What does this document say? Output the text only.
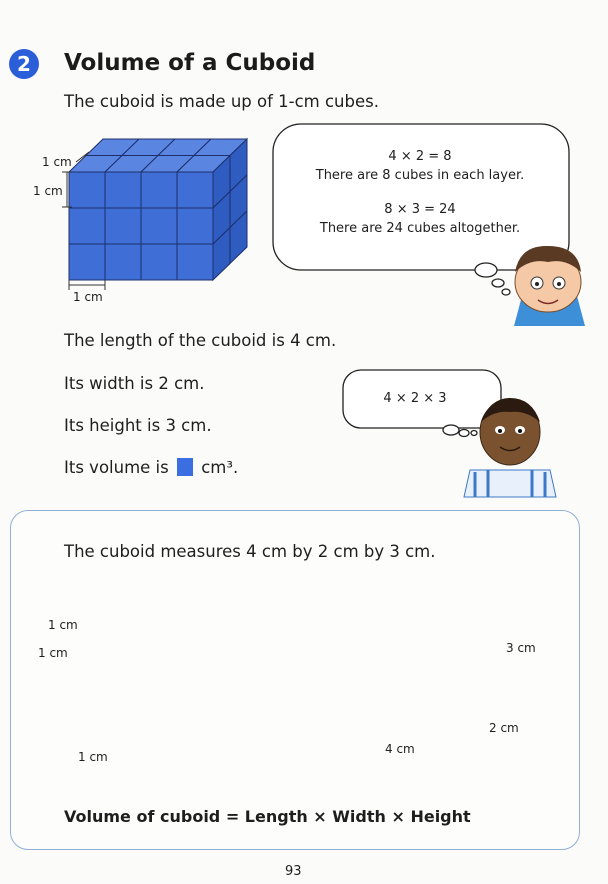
2	Volume of a Cuboid
The cuboid is made up of 1-cm cubes.
1 cm
1 cm
1 cm
4 × 2 = 8
There are 8 cubes in each layer.
8 × 3 = 24
There are 24 cubes altogether.
The length of the cuboid is 4 cm.
Its width is 2 cm.
Its height is 3 cm.
Its volume is cm³.
4 × 2 × 3
The cuboid measures 4 cm by 2 cm by 3 cm.
1 cm
1 cm
1 cm
3 cm
2 cm
4 cm
Volume of cuboid = Length × Width × Height
93
